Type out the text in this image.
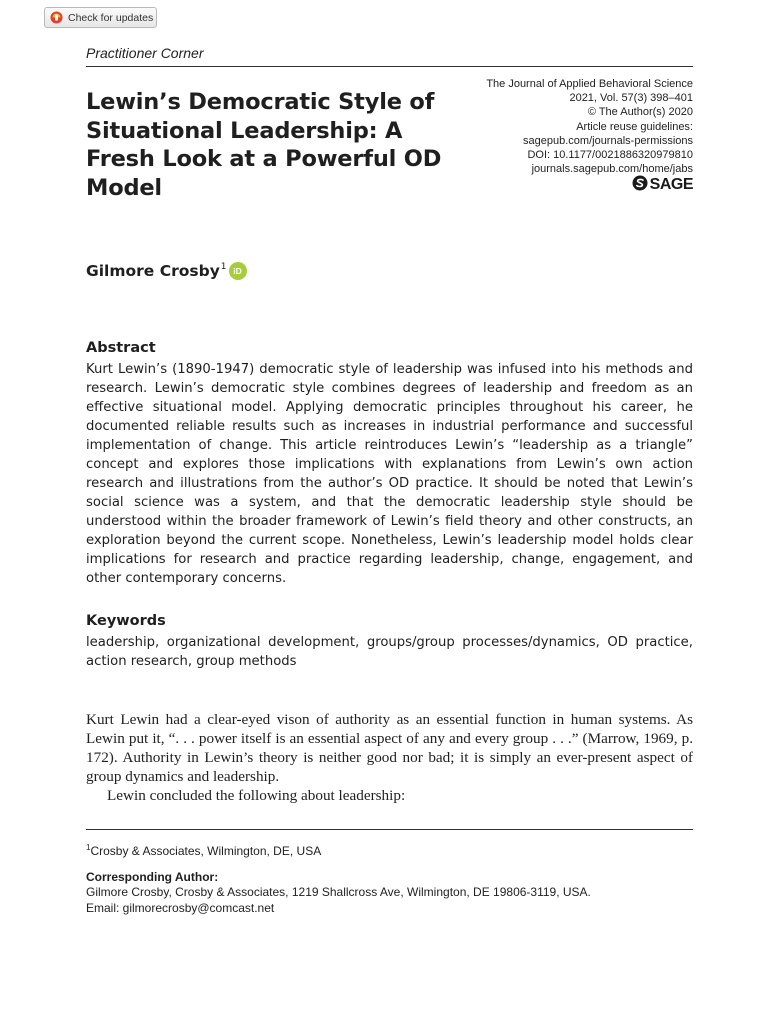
Check for updates
Practitioner Corner
Lewin’s Democratic Style of Situational Leadership: A Fresh Look at a Powerful OD Model
The Journal of Applied Behavioral Science
2021, Vol. 57(3) 398–401
© The Author(s) 2020
Article reuse guidelines:
sagepub.com/journals-permissions
DOI: 10.1177/0021886320979810
journals.sagepub.com/home/jabs
SAGE
Gilmore Crosby$^1$ iD
Abstract

Kurt Lewin’s (1890-1947) democratic style of leadership was infused into his methods and research. Lewin’s democratic style combines degrees of leadership and freedom as an effective situational model. Applying democratic principles throughout his career, he documented reliable results such as increases in industrial performance and successful implementation of change. This article reintroduces Lewin’s “leadership as a triangle” concept and explores those implications with explanations from Lewin’s own action research and illustrations from the author’s OD practice. It should be noted that Lewin’s social science was a system, and that the democratic leadership style should be understood within the broader framework of Lewin’s field theory and other constructs, an exploration beyond the current scope. Nonetheless, Lewin’s leadership model holds clear implications for research and practice regarding leadership, change, engagement, and other contemporary concerns.

Keywords

leadership, organizational development, groups/group processes/dynamics, OD practice, action research, group methods

Kurt Lewin had a clear-eyed vison of authority as an essential function in human systems. As Lewin put it, “. . . power itself is an essential aspect of any and every group . . .” (Marrow, 1969, p. 172). Authority in Lewin’s theory is neither good nor bad; it is simply an ever-present aspect of group dynamics and leadership.

Lewin concluded the following about leadership:

$^1$Crosby & Associates, Wilmington, DE, USA
Corresponding Author:
Gilmore Crosby, Crosby & Associates, 1219 Shallcross Ave, Wilmington, DE 19806-3119, USA.
Email: gilmorecrosby@comcast.net
